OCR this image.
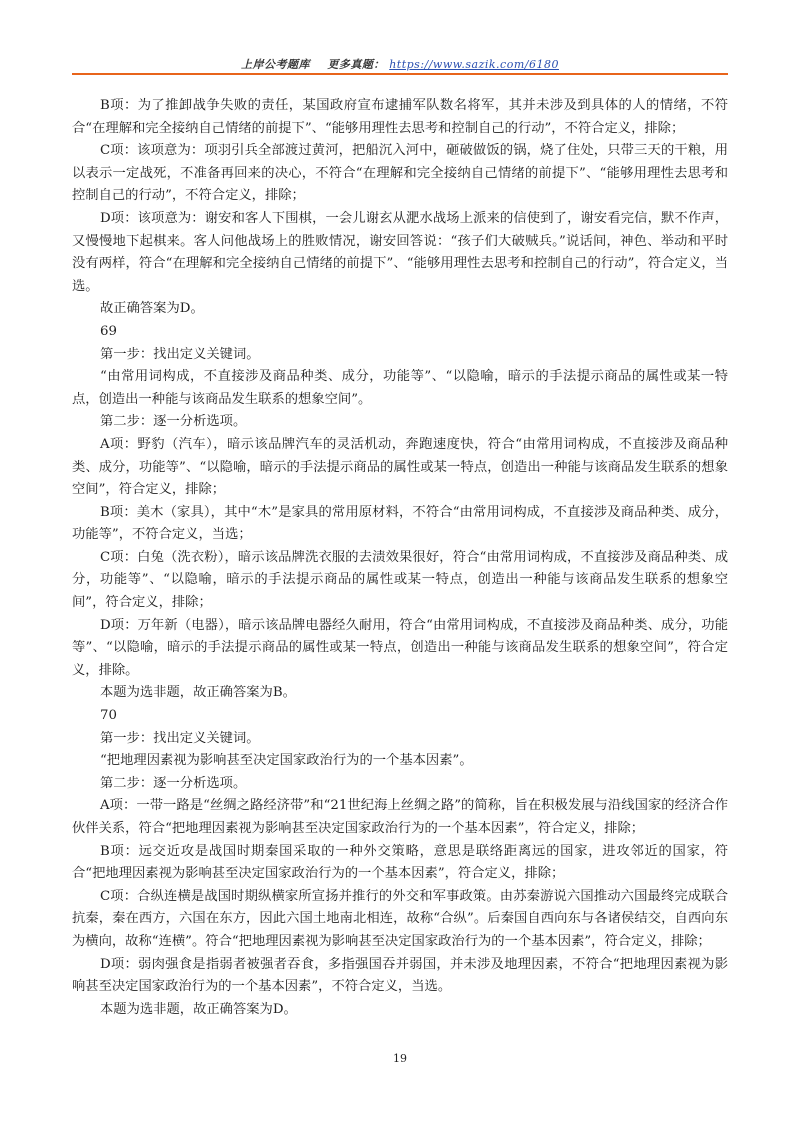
上岸公考题库 更多真题： https://www.sazik.com/6180

B项：为了推卸战争失败的责任，某国政府宣布逮捕军队数名将军，其并未涉及到具体的人的情绪，不符合“在理解和完全接纳自己情绪的前提下”、“能够用理性去思考和控制自己的行动”，不符合定义，排除；

C项：该项意为：项羽引兵全部渡过黄河，把船沉入河中，砸破做饭的锅，烧了住处，只带三天的干粮，用以表示一定战死，不准备再回来的决心，不符合“在理解和完全接纳自己情绪的前提下”、“能够用理性去思考和控制自己的行动”，不符合定义，排除；

D项：该项意为：谢安和客人下围棋，一会儿谢玄从淝水战场上派来的信使到了，谢安看完信，默不作声，又慢慢地下起棋来。客人问他战场上的胜败情况，谢安回答说：“孩子们大破贼兵。”说话间，神色、举动和平时没有两样，符合“在理解和完全接纳自己情绪的前提下”、“能够用理性去思考和控制自己的行动”，符合定义，当选。

故正确答案为D。

69

第一步：找出定义关键词。

“由常用词构成，不直接涉及商品种类、成分，功能等”、“以隐喻，暗示的手法提示商品的属性或某一特点，创造出一种能与该商品发生联系的想象空间”。

第二步：逐一分析选项。

A项：野豹（汽车），暗示该品牌汽车的灵活机动，奔跑速度快，符合“由常用词构成，不直接涉及商品种类、成分，功能等”、“以隐喻，暗示的手法提示商品的属性或某一特点，创造出一种能与该商品发生联系的想象空间”，符合定义，排除；

B项：美木（家具），其中“木”是家具的常用原材料，不符合“由常用词构成，不直接涉及商品种类、成分，功能等”，不符合定义，当选；

C项：白兔（洗衣粉），暗示该品牌洗衣服的去渍效果很好，符合“由常用词构成，不直接涉及商品种类、成分，功能等”、“以隐喻，暗示的手法提示商品的属性或某一特点，创造出一种能与该商品发生联系的想象空间”，符合定义，排除；

D项：万年新（电器），暗示该品牌电器经久耐用，符合“由常用词构成，不直接涉及商品种类、成分，功能等”、“以隐喻，暗示的手法提示商品的属性或某一特点，创造出一种能与该商品发生联系的想象空间”，符合定义，排除。

本题为选非题，故正确答案为B。

70

第一步：找出定义关键词。

“把地理因素视为影响甚至决定国家政治行为的一个基本因素”。

第二步：逐一分析选项。

A项：一带一路是“丝绸之路经济带”和“21世纪海上丝绸之路”的简称，旨在积极发展与沿线国家的经济合作伙伴关系，符合“把地理因素视为影响甚至决定国家政治行为的一个基本因素”，符合定义，排除；

B项：远交近攻是战国时期秦国采取的一种外交策略，意思是联络距离远的国家，进攻邻近的国家，符合“把地理因素视为影响甚至决定国家政治行为的一个基本因素”，符合定义，排除；

C项：合纵连横是战国时期纵横家所宣扬并推行的外交和军事政策。由苏秦游说六国推动六国最终完成联合抗秦，秦在西方，六国在东方，因此六国土地南北相连，故称“合纵”。后秦国自西向东与各诸侯结交，自西向东为横向，故称“连横”。符合“把地理因素视为影响甚至决定国家政治行为的一个基本因素”，符合定义，排除；

D项：弱肉强食是指弱者被强者吞食，多指强国吞并弱国，并未涉及地理因素，不符合“把地理因素视为影响甚至决定国家政治行为的一个基本因素”，不符合定义，当选。

本题为选非题，故正确答案为D。

19
